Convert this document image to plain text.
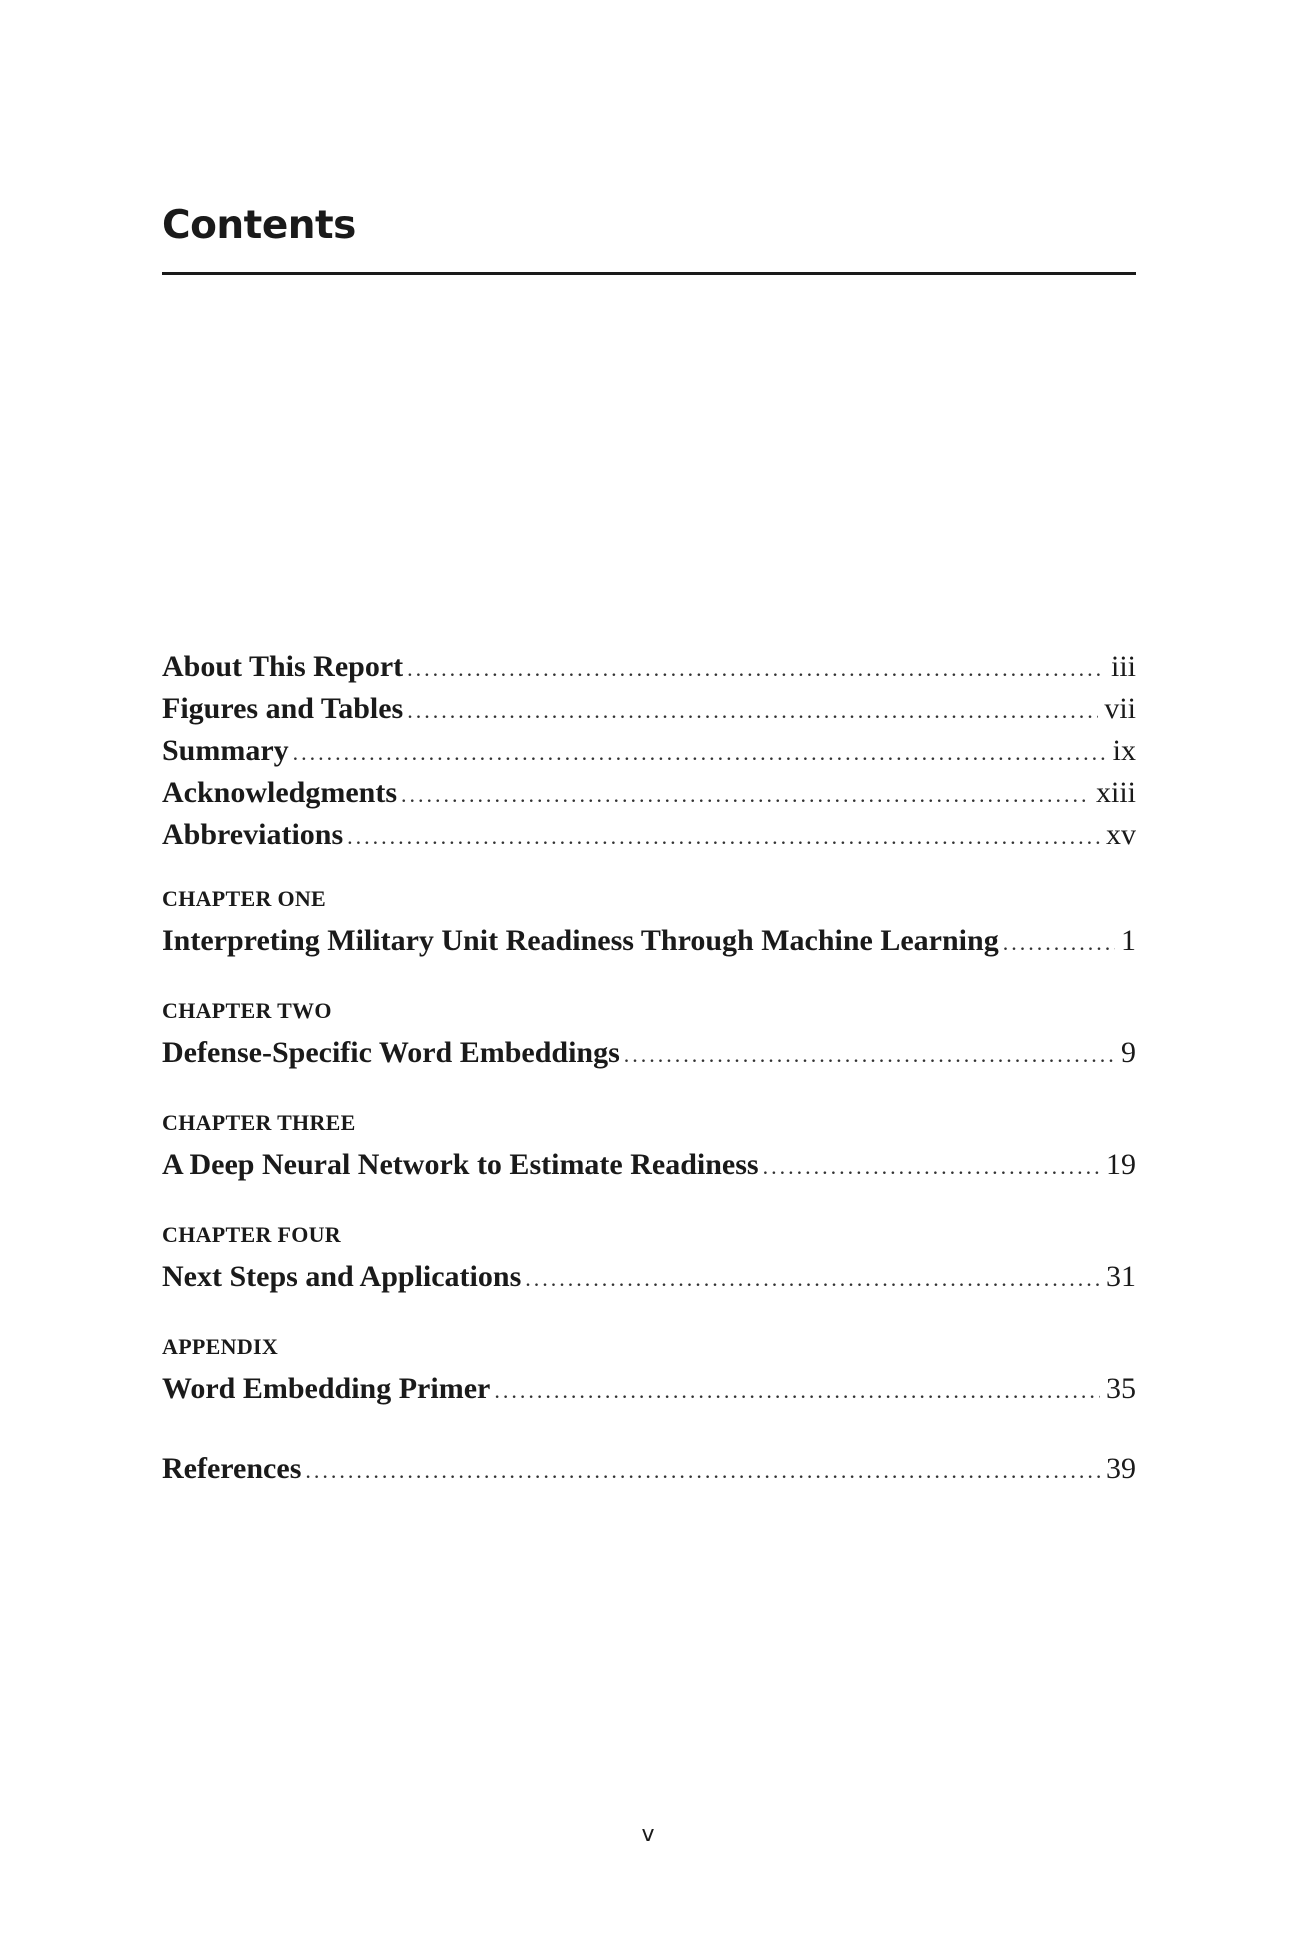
Contents
About This Report .....	iii
Figures and Tables .....	vii
Summary .....	ix
Acknowledgments .....	xiii
Abbreviations .....	xv
CHAPTER ONE
Interpreting Military Unit Readiness Through Machine Learning .....	1
CHAPTER TWO
Defense-Specific Word Embeddings .....	9
CHAPTER THREE
A Deep Neural Network to Estimate Readiness .....	19
CHAPTER FOUR
Next Steps and Applications .....	31
APPENDIX
Word Embedding Primer .....	35
References .....	39
v
